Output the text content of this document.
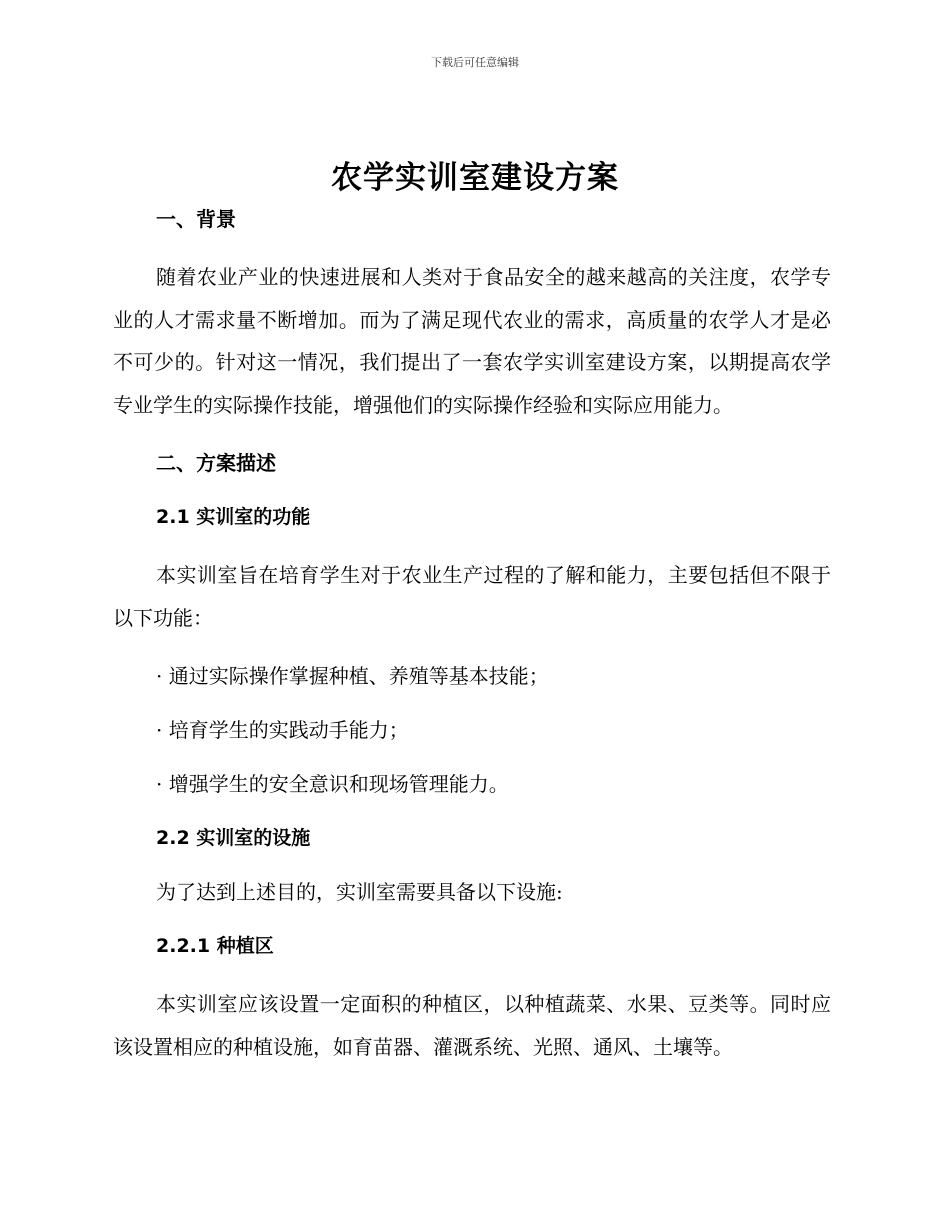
下载后可任意编辑
农学实训室建设方案

一、背景

随着农业产业的快速进展和人类对于食品安全的越来越高的关注度，农学专业的人才需求量不断增加。而为了满足现代农业的需求，高质量的农学人才是必不可少的。针对这一情况，我们提出了一套农学实训室建设方案，以期提高农学专业学生的实际操作技能，增强他们的实际操作经验和实际应用能力。

二、方案描述

2.1 实训室的功能

本实训室旨在培育学生对于农业生产过程的了解和能力，主要包括但不限于以下功能：

· 通过实际操作掌握种植、养殖等基本技能；

· 培育学生的实践动手能力；

· 增强学生的安全意识和现场管理能力。

2.2 实训室的设施

为了达到上述目的，实训室需要具备以下设施:

2.2.1 种植区

本实训室应该设置一定面积的种植区，以种植蔬菜、水果、豆类等。同时应该设置相应的种植设施，如育苗器、灌溉系统、光照、通风、土壤等。
